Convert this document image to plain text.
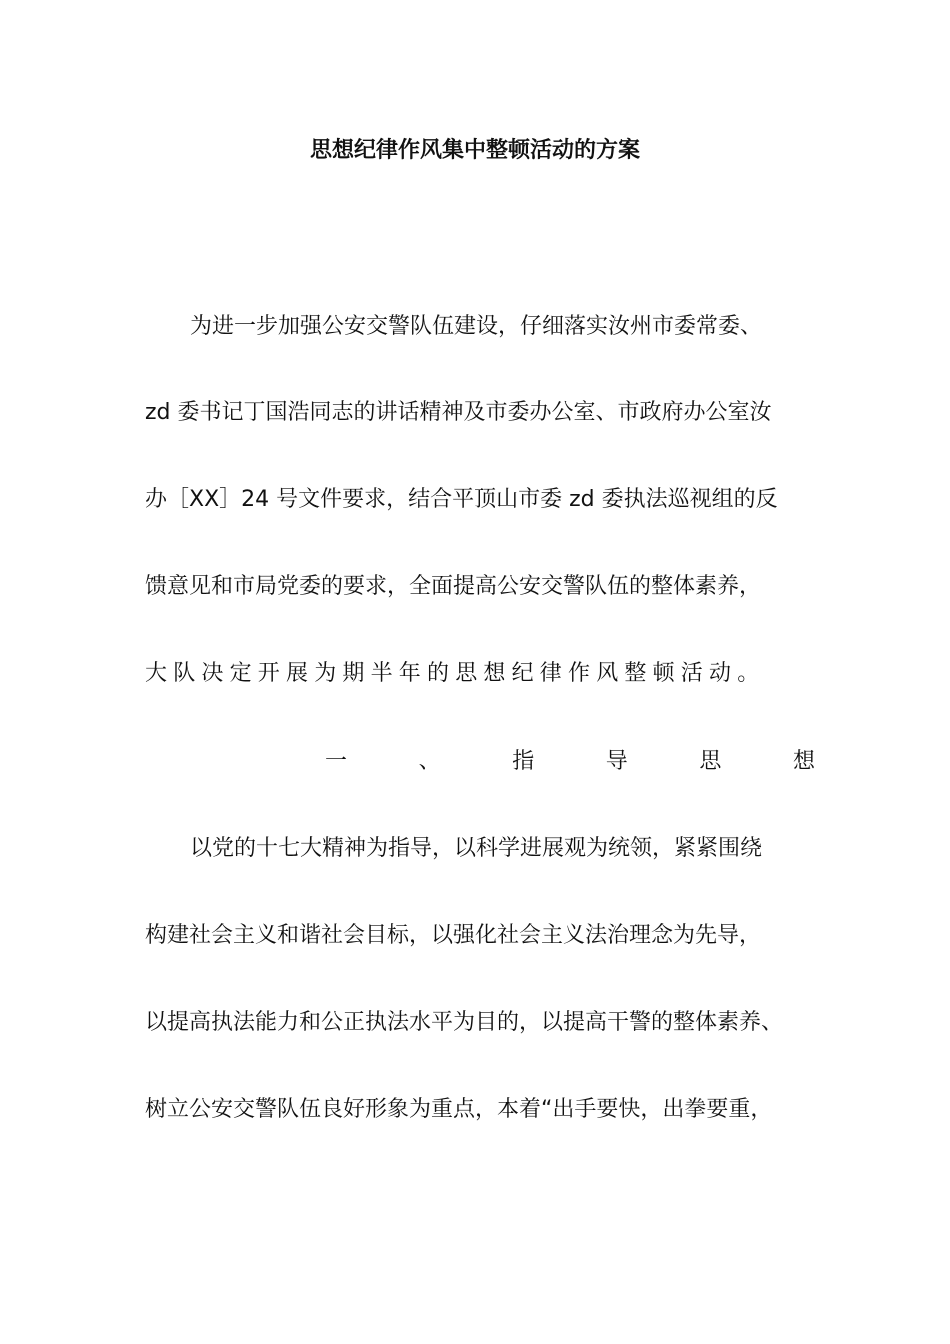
思想纪律作风集中整顿活动的方案
为进一步加强公安交警队伍建设，仔细落实汝州市委常委、
zd 委书记丁国浩同志的讲话精神及市委办公室、市政府办公室汝
办［XX］24 号文件要求，结合平顶山市委 zd 委执法巡视组的反
馈意见和市局党委的要求，全面提高公安交警队伍的整体素养，
大队决定开展为期半年的思想纪律作风整顿活动。
一	、	指	导	思	想
以党的十七大精神为指导，以科学进展观为统领，紧紧围绕
构建社会主义和谐社会目标，以强化社会主义法治理念为先导，
以提高执法能力和公正执法水平为目的，以提高干警的整体素养、
树立公安交警队伍良好形象为重点，本着“出手要快，出拳要重，
